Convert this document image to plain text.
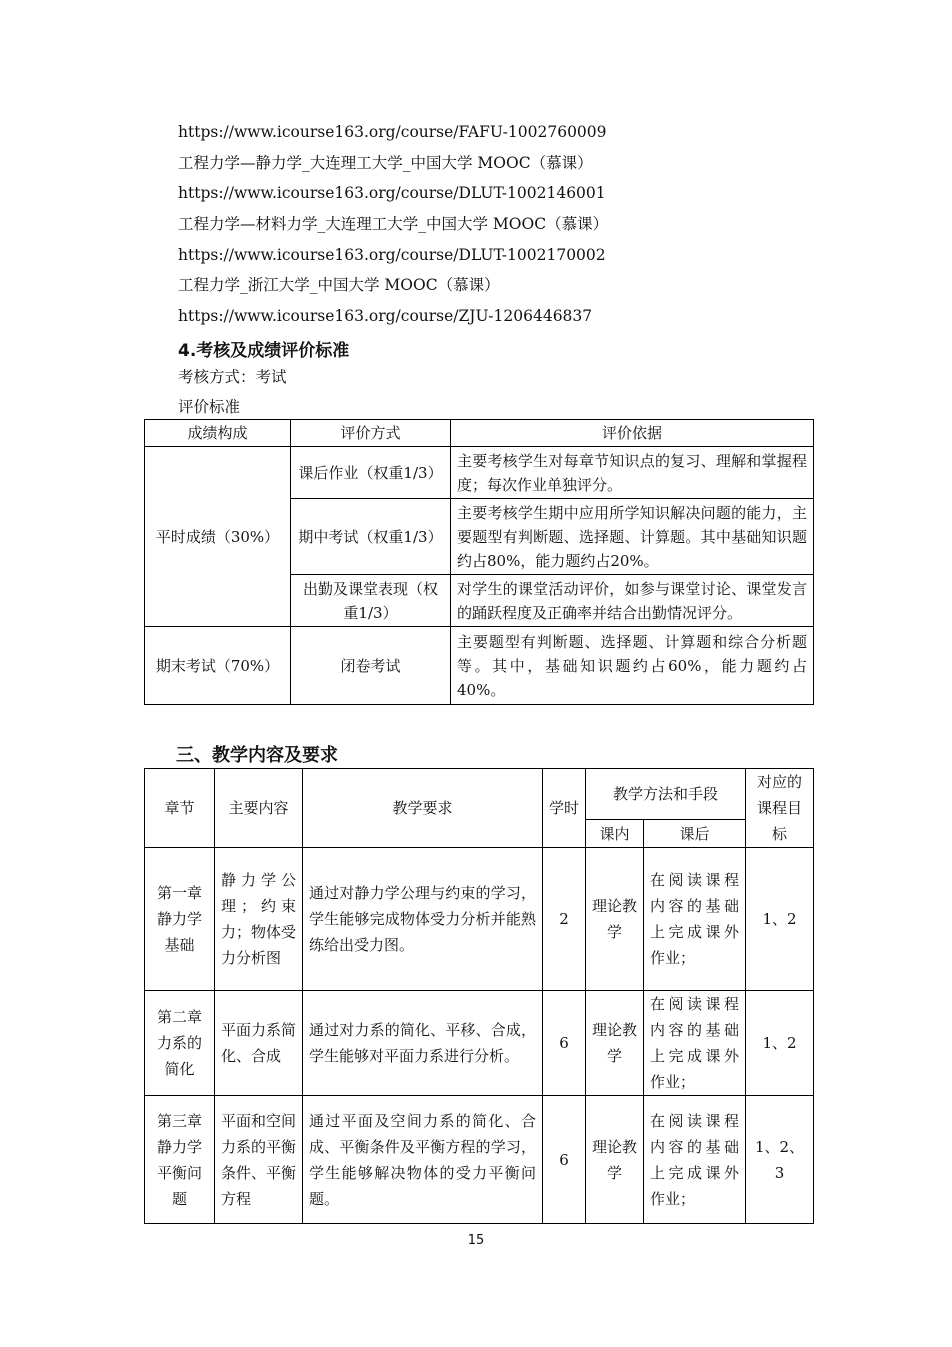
https://www.icourse163.org/course/FAFU-1002760009
工程力学—静力学_大连理工大学_中国大学 MOOC（慕课）
https://www.icourse163.org/course/DLUT-1002146001
工程力学—材料力学_大连理工大学_中国大学 MOOC（慕课）
https://www.icourse163.org/course/DLUT-1002170002
工程力学_浙江大学_中国大学 MOOC（慕课）
https://www.icourse163.org/course/ZJU-1206446837
4.考核及成绩评价标准
考核方式：考试
评价标准
成绩构成	评价方式	评价依据
平时成绩（30%）	课后作业（权重1/3）	主要考核学生对每章节知识点的复习、理解和掌握程度；每次作业单独评分。
	期中考试（权重1/3）	主要考核学生期中应用所学知识解决问题的能力，主要题型有判断题、选择题、计算题。其中基础知识题约占80%，能力题约占20%。
	出勤及课堂表现（权重1/3）	对学生的课堂活动评价，如参与课堂讨论、课堂发言的踊跃程度及正确率并结合出勤情况评分。
期末考试（70%）	闭卷考试	主要题型有判断题、选择题、计算题和综合分析题等。其中，基础知识题约占60%，能力题约占40%。
三、教学内容及要求
章节	主要内容	教学要求	学时	教学方法和手段		对应的课程目标
				课内	课后	
第一章静力学基础	静力学公理；约束力；物体受力分析图	通过对静力学公理与约束的学习，学生能够完成物体受力分析并能熟练给出受力图。	2	理论教学	在阅读课程内容的基础上完成课外作业；	1、2
第二章力系的简化	平面力系简化、合成	通过对力系的简化、平移、合成，学生能够对平面力系进行分析。	6	理论教学	在阅读课程内容的基础上完成课外作业；	1、2
第三章静力学平衡问题	平面和空间力系的平衡条件、平衡方程	通过平面及空间力系的简化、合成、平衡条件及平衡方程的学习，学生能够解决物体的受力平衡问题。	6	理论教学	在阅读课程内容的基础上完成课外作业；	1、2、3
15
